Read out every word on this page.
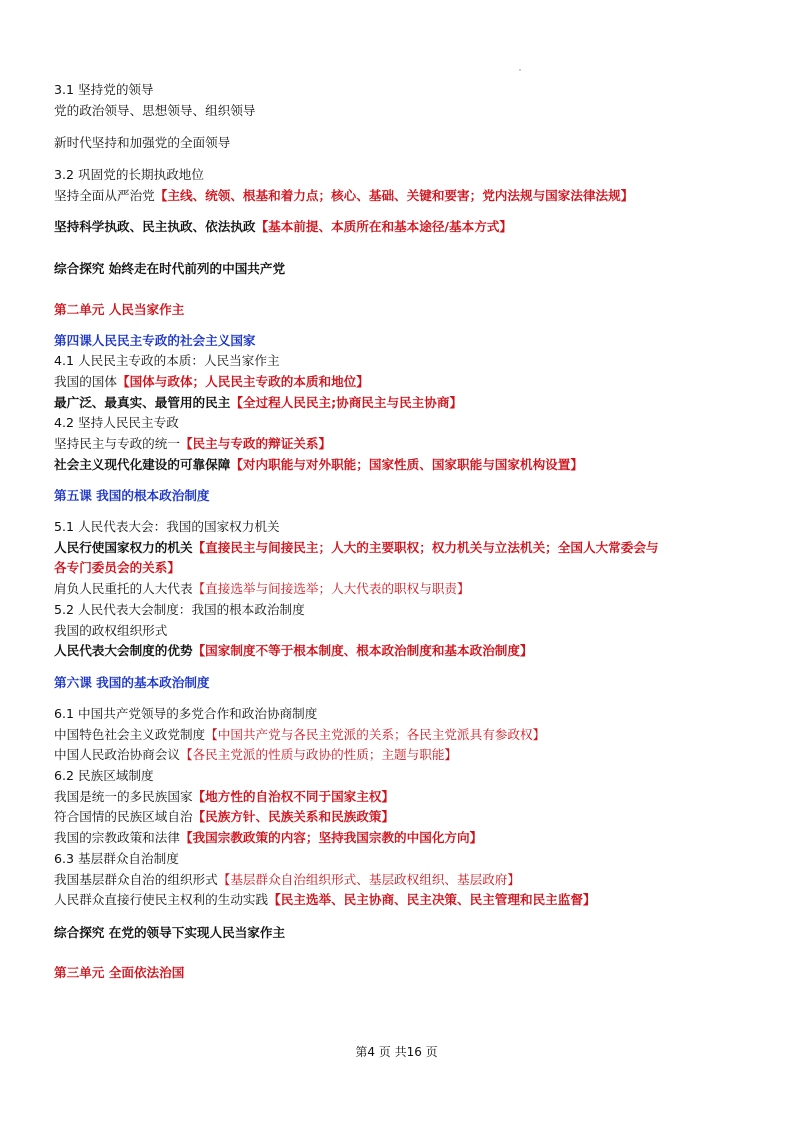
3.1 坚持党的领导
党的政治领导、思想领导、组织领导
新时代坚持和加强党的全面领导
3.2 巩固党的长期执政地位
坚持全面从严治党【主线、统领、根基和着力点；核心、基础、关键和要害；党内法规与国家法律法规】
坚持科学执政、民主执政、依法执政【基本前提、本质所在和基本途径/基本方式】
综合探究 始终走在时代前列的中国共产党
第二单元 人民当家作主
第四课人民民主专政的社会主义国家
4.1 人民民主专政的本质：人民当家作主
我国的国体【国体与政体；人民民主专政的本质和地位】
最广泛、最真实、最管用的民主【全过程人民民主;协商民主与民主协商】
4.2 坚持人民民主专政
坚持民主与专政的统一【民主与专政的辩证关系】
社会主义现代化建设的可靠保障【对内职能与对外职能；国家性质、国家职能与国家机构设置】
第五课 我国的根本政治制度
5.1 人民代表大会：我国的国家权力机关
人民行使国家权力的机关【直接民主与间接民主；人大的主要职权；权力机关与立法机关；全国人大常委会与
各专门委员会的关系】
肩负人民重托的人大代表【直接选举与间接选举；人大代表的职权与职责】
5.2 人民代表大会制度：我国的根本政治制度
我国的政权组织形式
人民代表大会制度的优势【国家制度不等于根本制度、根本政治制度和基本政治制度】
第六课 我国的基本政治制度
6.1 中国共产党领导的多党合作和政治协商制度
中国特色社会主义政党制度【中国共产党与各民主党派的关系；各民主党派具有参政权】
中国人民政治协商会议【各民主党派的性质与政协的性质；主题与职能】
6.2 民族区域制度
我国是统一的多民族国家【地方性的自治权不同于国家主权】
符合国情的民族区域自治【民族方针、民族关系和民族政策】
我国的宗教政策和法律【我国宗教政策的内容；坚持我国宗教的中国化方向】
6.3 基层群众自治制度
我国基层群众自治的组织形式【基层群众自治组织形式、基层政权组织、基层政府】
人民群众直接行使民主权利的生动实践【民主选举、民主协商、民主决策、民主管理和民主监督】
综合探究 在党的领导下实现人民当家作主
第三单元 全面依法治国
第4 页 共16 页
